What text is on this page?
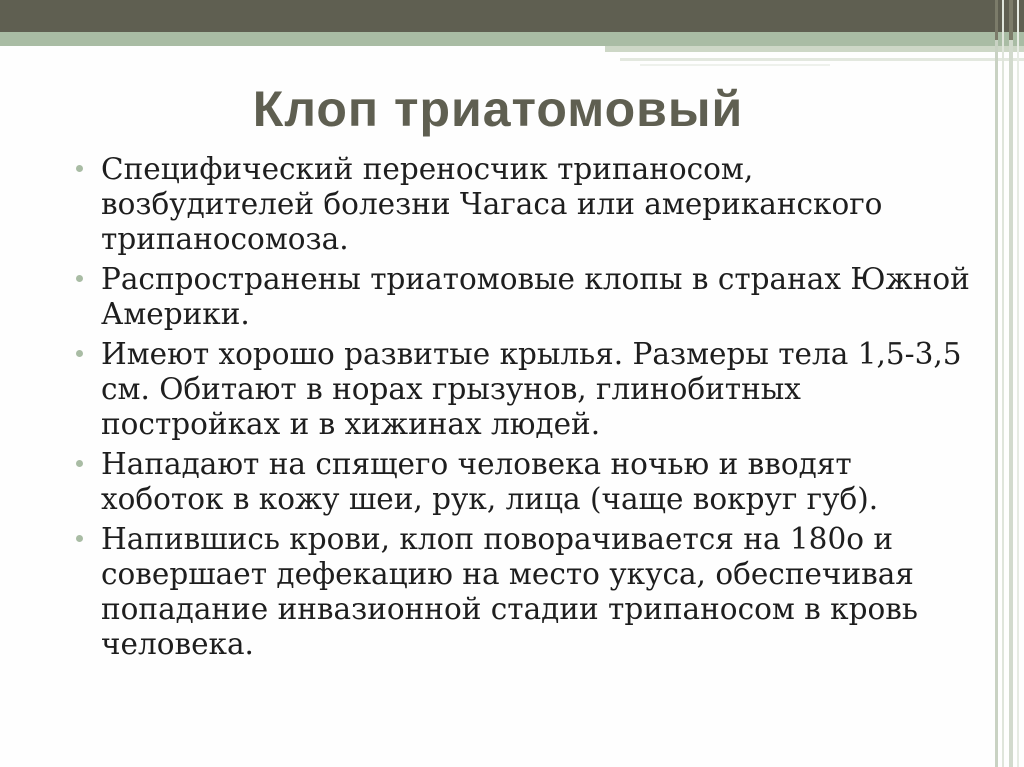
Клоп триатомовый
Специфический переносчик трипаносом, возбудителей болезни Чагаса или американского трипаносомоза.
Распространены триатомовые клопы в странах Южной Америки.
Имеют хорошо развитые крылья. Размеры тела 1,5-3,5 см. Обитают в норах грызунов, глинобитных постройках и в хижинах людей.
Нападают на спящего человека ночью и вводят хоботок в кожу шеи, рук, лица (чаще вокруг губ).
Напившись крови, клоп поворачивается на 180о и совершает дефекацию на место укуса, обеспечивая попадание инвазионной стадии трипаносом в кровь человека.
